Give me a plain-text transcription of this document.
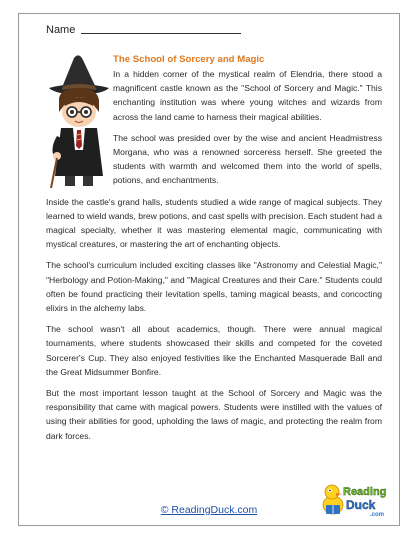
Name
The School of Sorcery and Magic

In a hidden corner of the mystical realm of Elendria, there stood a magnificent castle known as the "School of Sorcery and Magic." This enchanting institution was where young witches and wizards from across the land came to harness their magical abilities.

The school was presided over by the wise and ancient Headmistress Morgana, who was a renowned sorceress herself. She greeted the students with warmth and welcomed them into the world of spells, potions, and enchantments.

Inside the castle's grand halls, students studied a wide range of magical subjects. They learned to wield wands, brew potions, and cast spells with precision. Each student had a magical specialty, whether it was mastering elemental magic, communicating with mystical creatures, or mastering the art of enchanting objects.

The school's curriculum included exciting classes like "Astronomy and Celestial Magic," "Herbology and Potion-Making," and "Magical Creatures and their Care." Students could often be found practicing their levitation spells, taming magical beasts, and concocting elixirs in the alchemy labs.

The school wasn't all about academics, though. There were annual magical tournaments, where students showcased their skills and competed for the coveted Sorcerer's Cup. They also enjoyed festivities like the Enchanted Masquerade Ball and the Great Midsummer Bonfire.

But the most important lesson taught at the School of Sorcery and Magic was the responsibility that came with magical powers. Students were instilled with the values of using their abilities for good, upholding the laws of magic, and protecting the realm from dark forces.

© ReadingDuck.com
Reading
Duck
.com
